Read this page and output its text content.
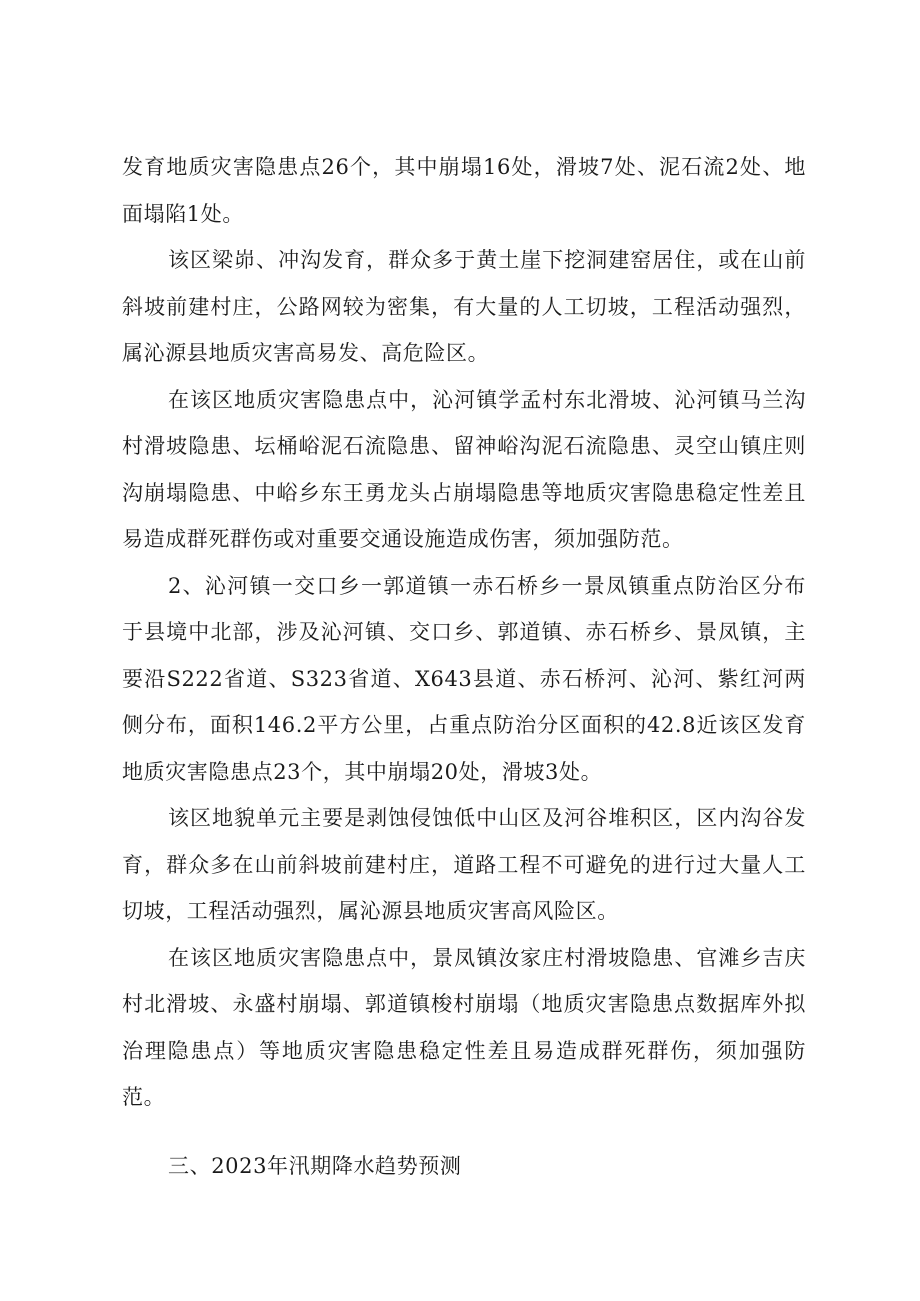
发育地质灾害隐患点26个，其中崩塌16处，滑坡7处、泥石流2处、地面塌陷1处。

该区梁峁、冲沟发育，群众多于黄土崖下挖洞建窑居住，或在山前斜坡前建村庄，公路网较为密集，有大量的人工切坡，工程活动强烈，属沁源县地质灾害高易发、高危险区。

在该区地质灾害隐患点中，沁河镇学孟村东北滑坡、沁河镇马兰沟村滑坡隐患、坛桶峪泥石流隐患、留神峪沟泥石流隐患、灵空山镇庄则沟崩塌隐患、中峪乡东王勇龙头占崩塌隐患等地质灾害隐患稳定性差且易造成群死群伤或对重要交通设施造成伤害，须加强防范。

2、沁河镇一交口乡一郭道镇一赤石桥乡一景凤镇重点防治区分布于县境中北部，涉及沁河镇、交口乡、郭道镇、赤石桥乡、景凤镇，主要沿S222省道、S323省道、X643县道、赤石桥河、沁河、紫红河两侧分布，面积146.2平方公里，占重点防治分区面积的42.8近该区发育地质灾害隐患点23个，其中崩塌20处，滑坡3处。

该区地貌单元主要是剥蚀侵蚀低中山区及河谷堆积区，区内沟谷发育，群众多在山前斜坡前建村庄，道路工程不可避免的进行过大量人工切坡，工程活动强烈，属沁源县地质灾害高风险区。

在该区地质灾害隐患点中，景凤镇汝家庄村滑坡隐患、官滩乡吉庆村北滑坡、永盛村崩塌、郭道镇梭村崩塌（地质灾害隐患点数据库外拟治理隐患点）等地质灾害隐患稳定性差且易造成群死群伤，须加强防范。

三、2023年汛期降水趋势预测
